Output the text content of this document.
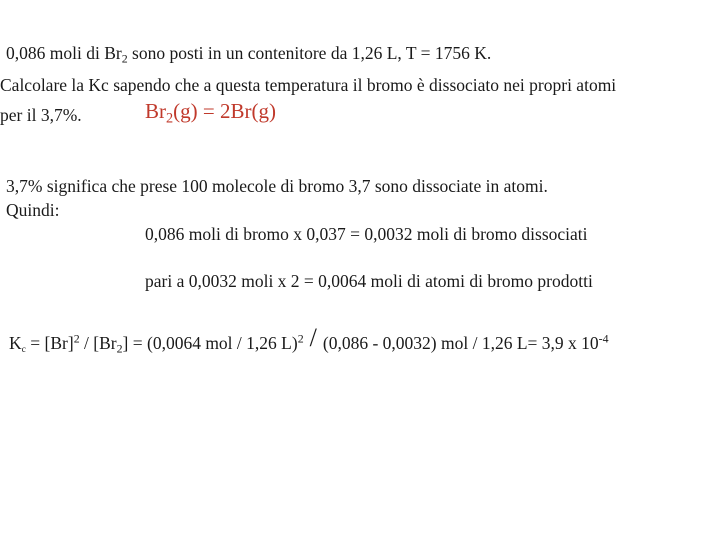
0,086 moli di $Br_2$ sono posti in un contenitore da 1,26 L, T = 1756 K.
Calcolare la Kc sapendo che a questa temperatura il bromo è dissociato nei propri atomi
per il 3,7%.	$Br_2(g) = 2Br(g)$
3,7% significa che prese 100 molecole di bromo 3,7 sono dissociate in atomi.
Quindi:
0,086 moli di bromo x 0,037 = 0,0032 moli di bromo dissociati
pari a 0,0032 moli x 2 = 0,0064 moli di atomi di bromo prodotti
$K_c = [Br]^2 / [Br_2] = (0,0064$ mol / 1,26 L)$^2$ / (0,086 - 0,0032) mol / 1,26 L= 3,9 x $10^{-4}$
